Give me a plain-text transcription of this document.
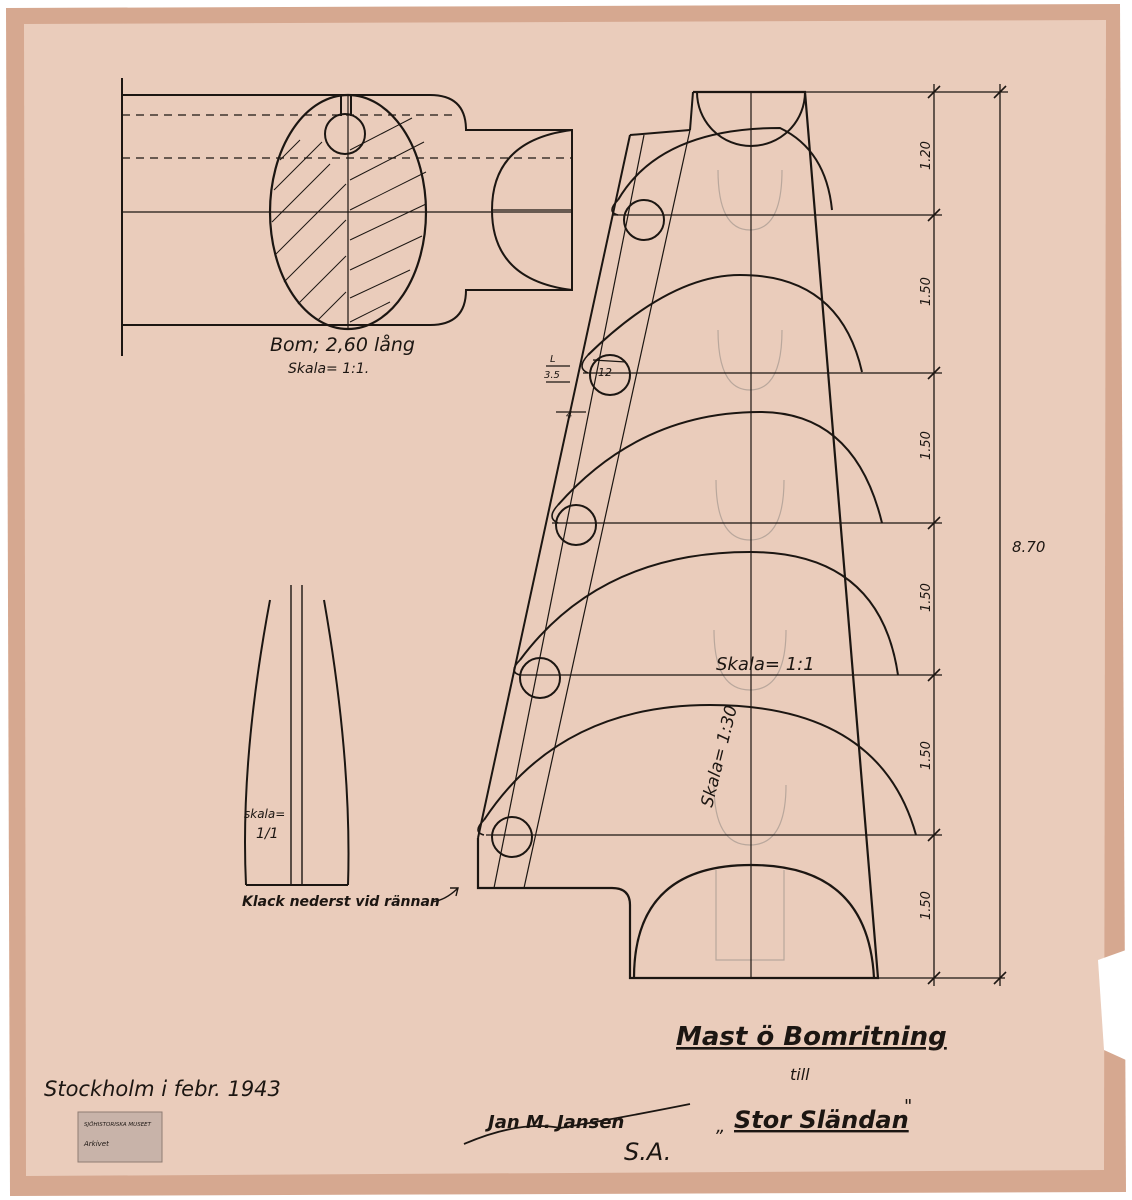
Bom; 2,60 lång
Skala= 1:1.
skala=
1/1
Klack nederst vid rännan
L
3.5	12
4
Skala= 1:1
Skala= 1:30
1.20
1.50
1.50
1.50
1.50
1.50
8.70
Mast ö Bomritning
till
Stor Sländan
„
"
Stockholm i febr. 1943
Jan M. Jansen
S.A.
SJÖHISTORISKA MUSEET
Arkivet
